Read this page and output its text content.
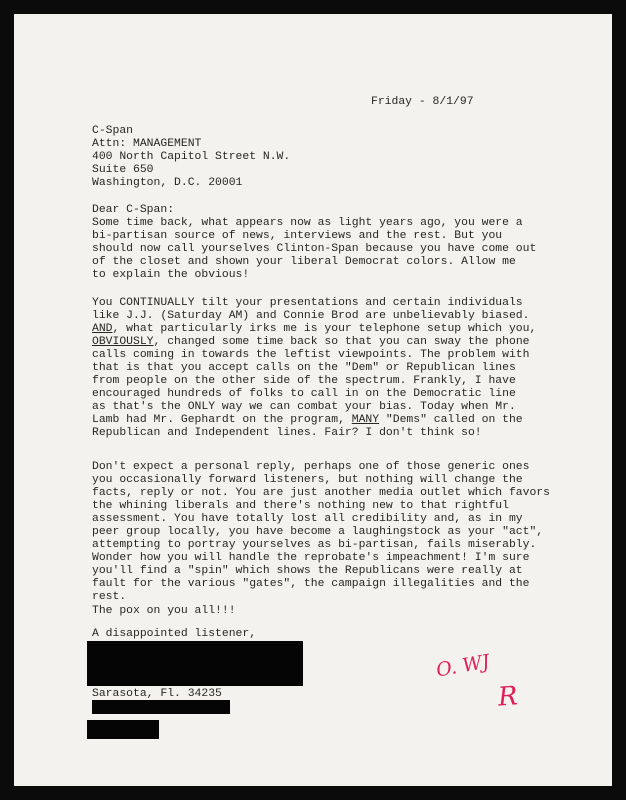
Friday - 8/1/97
C-Span
Attn: MANAGEMENT
400 North Capitol Street N.W.
Suite 650
Washington, D.C. 20001
Dear C-Span:
Some time back, what appears now as light years ago, you were a
bi-partisan source of news, interviews and the rest. But you
should now call yourselves Clinton-Span because you have come out
of the closet and shown your liberal Democrat colors. Allow me
to explain the obvious!
You CONTINUALLY tilt your presentations and certain individuals
like J.J. (Saturday AM) and Connie Brod are unbelievably biased.
AND, what particularly irks me is your telephone setup which you,
OBVIOUSLY, changed some time back so that you can sway the phone
calls coming in towards the leftist viewpoints. The problem with
that is that you accept calls on the "Dem" or Republican lines
from people on the other side of the spectrum. Frankly, I have
encouraged hundreds of folks to call in on the Democratic line
as that's the ONLY way we can combat your bias. Today when Mr.
Lamb had Mr. Gephardt on the program, MANY "Dems" called on the
Republican and Independent lines. Fair? I don't think so!
Don't expect a personal reply, perhaps one of those generic ones
you occasionally forward listeners, but nothing will change the
facts, reply or not. You are just another media outlet which favors
the whining liberals and there's nothing new to that rightful
assessment. You have totally lost all credibility and, as in my
peer group locally, you have become a laughingstock as your "act",
attempting to portray yourselves as bi-partisan, fails miserably.
Wonder how you will handle the reprobate's impeachment! I'm sure
you'll find a "spin" which shows the Republicans were really at
fault for the various "gates", the campaign illegalities and the
rest.
The pox on you all!!!
A disappointed listener,
Sarasota, Fl. 34235
O. WJ
R
